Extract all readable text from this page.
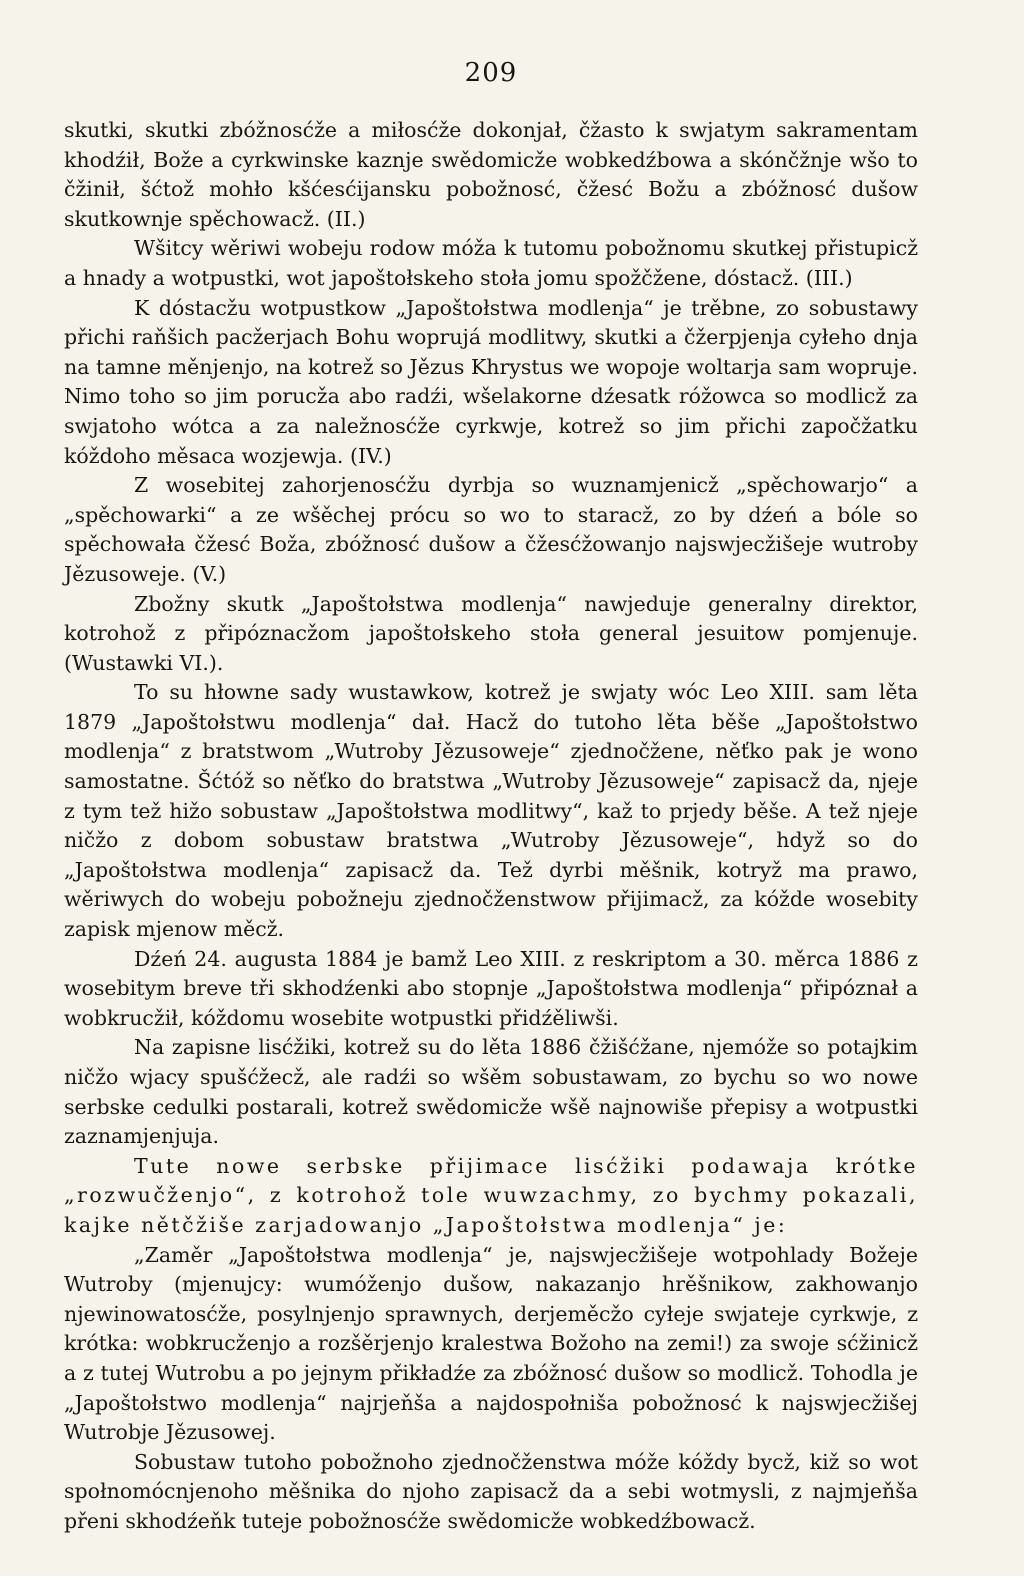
209

skutki, skutki zbóžnosćže a miłosćže dokonjał, čžasto k swjatym sakramentam khodźił, Bože a cyrkwinske kaznje swědomicže wobkedźbowa a skónčžnje wšo to čžinił, šćtož mohło kšćesćijansku pobožnosć, čžesć Božu a zbóžnosć dušow skutkownje spěchowacž. (II.)

Wšitcy wěriwi wobeju rodow móža k tutomu pobožnomu skutkej přistupicž a hnady a wotpustki, wot japoštołskeho stoła jomu spožčžene, dóstacž. (III.)

K dóstacžu wotpustkow „Japoštołstwa modlenja“ je trěbne, zo sobustawy přichi raňšich pacžerjach Bohu woprujá modlitwy, skutki a čžerpjenja cyłeho dnja na tamne měnjenjo, na kotrež so Jězus Khrystus we wopoje woltarja sam wopruje. Nimo toho so jim porucža abo radźi, wšelakorne dźesatk róžowca so modlicž za swjatoho wótca a za naležnosćže cyrkwje, kotrež so jim přichi započžatku kóždoho měsaca wozjewja. (IV.)

Z wosebitej zahorjenosćžu dyrbja so wuznamjenicž „spěchowarjo“ a „spěchowarki“ a ze wšěchej prócu so wo to staracž, zo by dźeń a bóle so spěchowała čžesć Boža, zbóžnosć dušow a čžesćžowanjo najswjecžišeje wutroby Jězusoweje. (V.)

Zbožny skutk „Japoštołstwa modlenja“ nawjeduje generalny direktor, kotrohož z připóznacžom japoštołskeho stoła general jesuitow pomjenuje. (Wustawki VI.).

To su hłowne sady wustawkow, kotrež je swjaty wóc Leo XIII. sam lěta 1879 „Japoštołstwu modlenja“ dał. Hacž do tutoho lěta běše „Japoštołstwo modlenja“ z bratstwom „Wutroby Jězusoweje“ zjednočžene, něťko pak je wono samostatne. Šćtóž so něťko do bratstwa „Wutroby Jězusoweje“ zapisacž da, njeje z tym tež hižo sobustaw „Japoštołstwa modlitwy“, kaž to prjedy běše. A tež njeje ničžo z dobom sobustaw bratstwa „Wutroby Jězusoweje“, hdyž so do „Japoštołstwa modlenja“ zapisacž da. Tež dyrbi měšnik, kotryž ma prawo, wěriwych do wobeju pobožneju zjednočženstwow přijimacž, za kóžde wosebity zapisk mjenow měcž.

Dźeń 24. augusta 1884 je bamž Leo XIII. z reskriptom a 30. měrca 1886 z wosebitym breve tři skhodźenki abo stopnje „Japoštołstwa modlenja“ připóznał a wobkrucžił, kóždomu wosebite wotpustki přidźěliwši.

Na zapisne lisćžiki, kotrež su do lěta 1886 čžišćžane, njemóže so potajkim ničžo wjacy spušćžecž, ale radźi so wšěm sobustawam, zo bychu so wo nowe serbske cedulki postarali, kotrež swědomicže wšě najnowiše přepisy a wotpustki zaznamjenjuja.

Tute nowe serbske přijimace lisćžiki podawaja krótke „rozwučženjo“, z kotrohož tole wuwzachmy, zo bychmy pokazali, kajke nětčžiše zarjadowanjo „Japoštołstwa modlenja“ je:

„Zaměr „Japoštołstwa modlenja“ je, najswjecžišeje wotpohlady Božeje Wutroby (mjenujcy: wumóženjo dušow, nakazanjo hrěšnikow, zakhowanjo njewinowatosćže, posylnjenjo sprawnych, derjeměcžo cyłeje swjateje cyrkwje, z krótka: wobkrucženjo a rozšěrjenjo kralestwa Božoho na zemi!) za swoje sćžinicž a z tutej Wutrobu a po jejnym přikładźe za zbóžnosć dušow so modlicž. Tohodla je „Japoštołstwo modlenja“ najrjeňša a najdospołniša pobožnosć k najswjecžišej Wutrobje Jězusowej.

Sobustaw tutoho pobožnoho zjednočženstwa móže kóždy bycž, kiž so wot społnomócnjenoho měšnika do njoho zapisacž da a sebi wotmysli, z najmjeňša přeni skhodźeňk tuteje pobožnosćže swědomicže wobkedźbowacž.
